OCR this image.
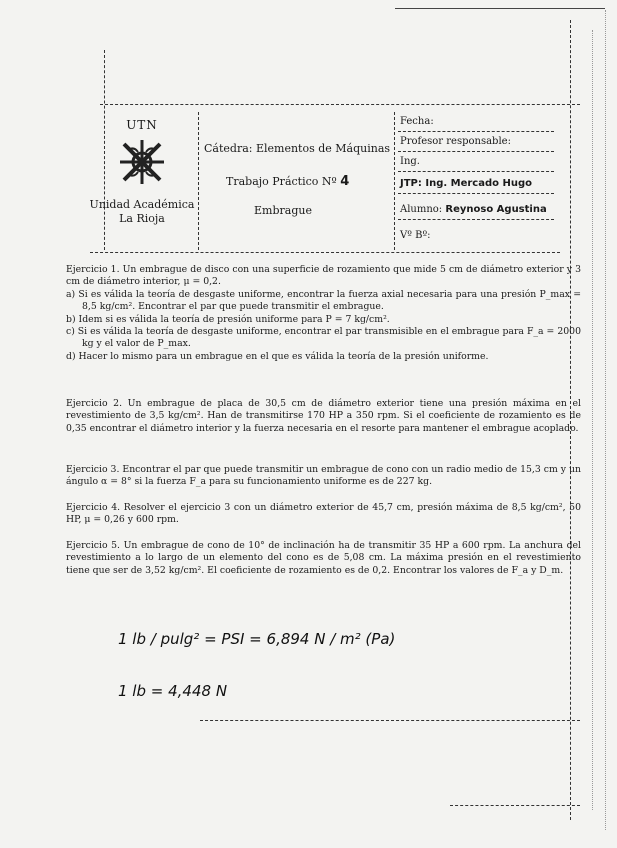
UTN
Unidad Académica
La Rioja
Cátedra: Elementos de Máquinas
Trabajo Práctico Nº 4
Embrague
Fecha:
Profesor responsable:
Ing.
JTP: Ing. Mercado Hugo
Alumno: Reynoso Agustina
Vº Bº:

Ejercicio 1. Un embrague de disco con una superficie de rozamiento que mide 5 cm de diámetro exterior y 3 cm de diámetro interior, μ = 0,2.

a) Si es válida la teoría de desgaste uniforme, encontrar la fuerza axial necesaria para una presión P_max = 8,5 kg/cm². Encontrar el par que puede transmitir el embrague.

b) Idem si es válida la teoría de presión uniforme para P = 7 kg/cm².

c) Si es válida la teoría de desgaste uniforme, encontrar el par transmisible en el embrague para F_a = 2000 kg y el valor de P_max.

d) Hacer lo mismo para un embrague en el que es válida la teoría de la presión uniforme.

Ejercicio 2. Un embrague de placa de 30,5 cm de diámetro exterior tiene una presión máxima en el revestimiento de 3,5 kg/cm². Han de transmitirse 170 HP a 350 rpm. Si el coeficiente de rozamiento es de 0,35 encontrar el diámetro interior y la fuerza necesaria en el resorte para mantener el embrague acoplado.

Ejercicio 3. Encontrar el par que puede transmitir un embrague de cono con un radio medio de 15,3 cm y un ángulo α = 8° si la fuerza F_a para su funcionamiento uniforme es de 227 kg.

Ejercicio 4. Resolver el ejercicio 3 con un diámetro exterior de 45,7 cm, presión máxima de 8,5 kg/cm², 50 HP, μ = 0,26 y 600 rpm.

Ejercicio 5. Un embrague de cono de 10° de inclinación ha de transmitir 35 HP a 600 rpm. La anchura del revestimiento a lo largo de un elemento del cono es de 5,08 cm. La máxima presión en el revestimiento tiene que ser de 3,52 kg/cm². El coeficiente de rozamiento es de 0,2. Encontrar los valores de F_a y D_m.

1 lb / pulg² = PSI = 6,894 N / m² (Pa)
1 lb = 4,448 N
